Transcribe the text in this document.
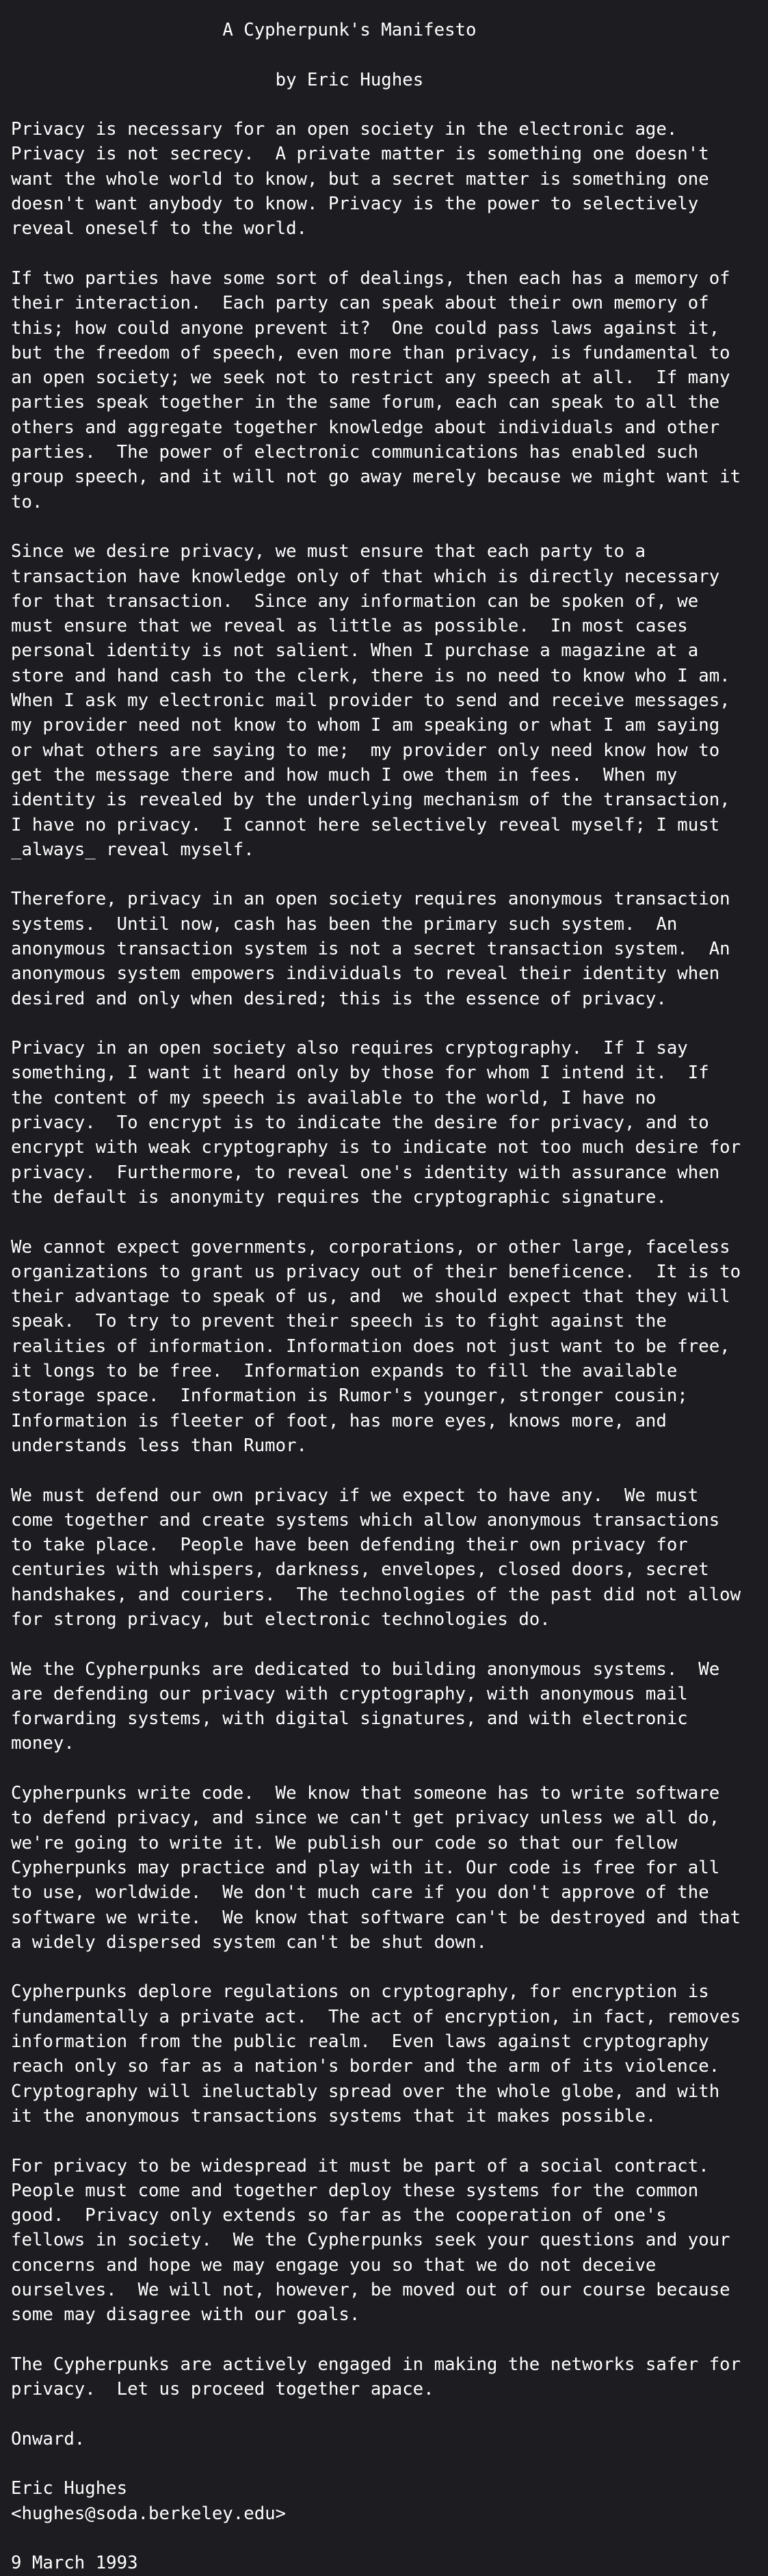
A Cypherpunk's Manifesto

by Eric Hughes

Privacy is necessary for an open society in the electronic age.
Privacy is not secrecy.  A private matter is something one doesn't
want the whole world to know, but a secret matter is something one
doesn't want anybody to know. Privacy is the power to selectively
reveal oneself to the world.

If two parties have some sort of dealings, then each has a memory of
their interaction.  Each party can speak about their own memory of
this; how could anyone prevent it?  One could pass laws against it,
but the freedom of speech, even more than privacy, is fundamental to
an open society; we seek not to restrict any speech at all.  If many
parties speak together in the same forum, each can speak to all the
others and aggregate together knowledge about individuals and other
parties.  The power of electronic communications has enabled such
group speech, and it will not go away merely because we might want it
to.

Since we desire privacy, we must ensure that each party to a
transaction have knowledge only of that which is directly necessary
for that transaction.  Since any information can be spoken of, we
must ensure that we reveal as little as possible.  In most cases
personal identity is not salient. When I purchase a magazine at a
store and hand cash to the clerk, there is no need to know who I am.
When I ask my electronic mail provider to send and receive messages,
my provider need not know to whom I am speaking or what I am saying
or what others are saying to me;  my provider only need know how to
get the message there and how much I owe them in fees.  When my
identity is revealed by the underlying mechanism of the transaction,
I have no privacy.  I cannot here selectively reveal myself; I must
_always_ reveal myself.

Therefore, privacy in an open society requires anonymous transaction
systems.  Until now, cash has been the primary such system.  An
anonymous transaction system is not a secret transaction system.  An
anonymous system empowers individuals to reveal their identity when
desired and only when desired; this is the essence of privacy.

Privacy in an open society also requires cryptography.  If I say
something, I want it heard only by those for whom I intend it.  If
the content of my speech is available to the world, I have no
privacy.  To encrypt is to indicate the desire for privacy, and to
encrypt with weak cryptography is to indicate not too much desire for
privacy.  Furthermore, to reveal one's identity with assurance when
the default is anonymity requires the cryptographic signature.

We cannot expect governments, corporations, or other large, faceless
organizations to grant us privacy out of their beneficence.  It is to
their advantage to speak of us, and  we should expect that they will
speak.  To try to prevent their speech is to fight against the
realities of information. Information does not just want to be free,
it longs to be free.  Information expands to fill the available
storage space.  Information is Rumor's younger, stronger cousin;
Information is fleeter of foot, has more eyes, knows more, and
understands less than Rumor.

We must defend our own privacy if we expect to have any.  We must
come together and create systems which allow anonymous transactions
to take place.  People have been defending their own privacy for
centuries with whispers, darkness, envelopes, closed doors, secret
handshakes, and couriers.  The technologies of the past did not allow
for strong privacy, but electronic technologies do.

We the Cypherpunks are dedicated to building anonymous systems.  We
are defending our privacy with cryptography, with anonymous mail
forwarding systems, with digital signatures, and with electronic
money.

Cypherpunks write code.  We know that someone has to write software
to defend privacy, and since we can't get privacy unless we all do,
we're going to write it. We publish our code so that our fellow
Cypherpunks may practice and play with it. Our code is free for all
to use, worldwide.  We don't much care if you don't approve of the
software we write.  We know that software can't be destroyed and that
a widely dispersed system can't be shut down.

Cypherpunks deplore regulations on cryptography, for encryption is
fundamentally a private act.  The act of encryption, in fact, removes
information from the public realm.  Even laws against cryptography
reach only so far as a nation's border and the arm of its violence.
Cryptography will ineluctably spread over the whole globe, and with
it the anonymous transactions systems that it makes possible.

For privacy to be widespread it must be part of a social contract.
People must come and together deploy these systems for the common
good.  Privacy only extends so far as the cooperation of one's
fellows in society.  We the Cypherpunks seek your questions and your
concerns and hope we may engage you so that we do not deceive
ourselves.  We will not, however, be moved out of our course because
some may disagree with our goals.

The Cypherpunks are actively engaged in making the networks safer for
privacy.  Let us proceed together apace.

Onward.

Eric Hughes
<hughes@soda.berkeley.edu>

9 March 1993
